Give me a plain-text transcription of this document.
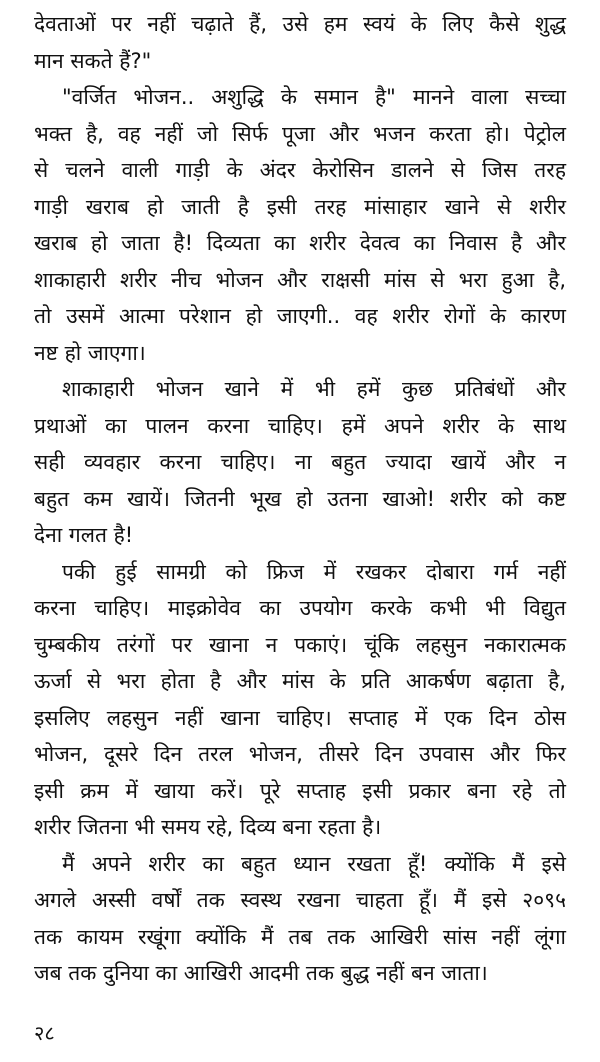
देवताओं पर नहीं चढ़ाते हैं, उसे हम स्वयं के लिए कैसे शुद्ध
मान सकते हैं?"
"वर्जित भोजन.. अशुद्धि के समान है" मानने वाला सच्चा
भक्त है, वह नहीं जो सिर्फ पूजा और भजन करता हो। पेट्रोल
से चलने वाली गाड़ी के अंदर केरोसिन डालने से जिस तरह
गाड़ी खराब हो जाती है इसी तरह मांसाहार खाने से शरीर
खराब हो जाता है! दिव्यता का शरीर देवत्व का निवास है और
शाकाहारी शरीर नीच भोजन और राक्षसी मांस से भरा हुआ है,
तो उसमें आत्मा परेशान हो जाएगी.. वह शरीर रोगों के कारण
नष्ट हो जाएगा।
शाकाहारी भोजन खाने में भी हमें कुछ प्रतिबंधों और
प्रथाओं का पालन करना चाहिए। हमें अपने शरीर के साथ
सही व्यवहार करना चाहिए। ना बहुत ज्यादा खायें और न
बहुत कम खायें। जितनी भूख हो उतना खाओ! शरीर को कष्ट
देना गलत है!
पकी हुई सामग्री को फ्रिज में रखकर दोबारा गर्म नहीं
करना चाहिए। माइक्रोवेव का उपयोग करके कभी भी विद्युत
चुम्बकीय तरंगों पर खाना न पकाएं। चूंकि लहसुन नकारात्मक
ऊर्जा से भरा होता है और मांस के प्रति आकर्षण बढ़ाता है,
इसलिए लहसुन नहीं खाना चाहिए। सप्ताह में एक दिन ठोस
भोजन, दूसरे दिन तरल भोजन, तीसरे दिन उपवास और फिर
इसी क्रम में खाया करें। पूरे सप्ताह इसी प्रकार बना रहे तो
शरीर जितना भी समय रहे, दिव्य बना रहता है।
मैं अपने शरीर का बहुत ध्यान रखता हूँ! क्योंकि मैं इसे
अगले अस्सी वर्षों तक स्वस्थ रखना चाहता हूँ। मैं इसे २०९५
तक कायम रखूंगा क्योंकि मैं तब तक आखिरी सांस नहीं लूंगा
जब तक दुनिया का आखिरी आदमी तक बुद्ध नहीं बन जाता।
२८
